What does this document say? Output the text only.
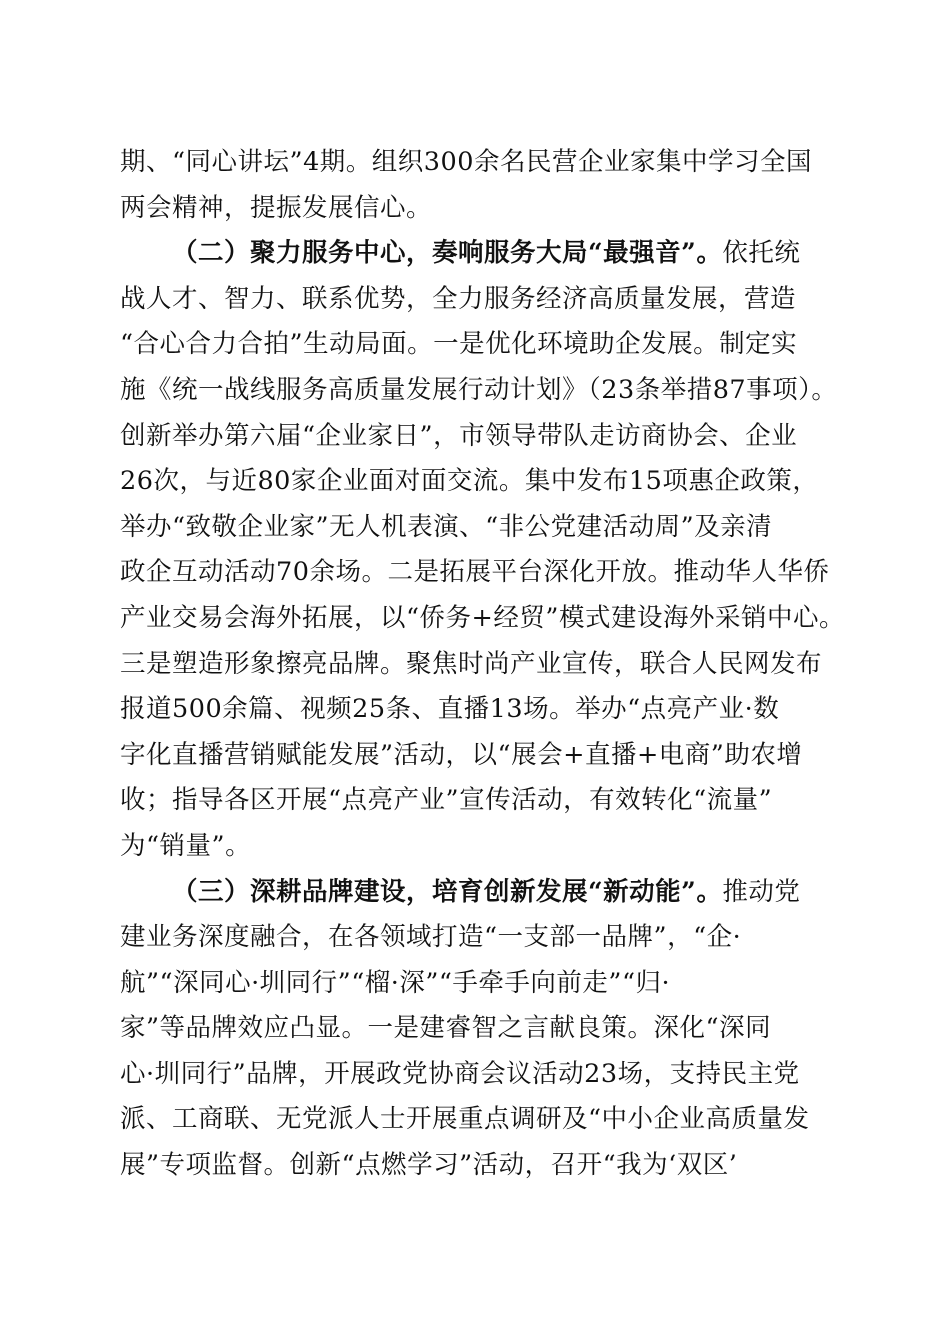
期、“同心讲坛”4期。组织300余名民营企业家集中学习全国
两会精神，提振发展信心。
（二）聚力服务中心，奏响服务大局“最强音”。依托统
战人才、智力、联系优势，全力服务经济高质量发展，营造
“合心合力合拍”生动局面。一是优化环境助企发展。制定实
施《统一战线服务高质量发展行动计划》（23条举措87事项）。
创新举办第六届“企业家日”，市领导带队走访商协会、企业
26次，与近80家企业面对面交流。集中发布15项惠企政策，
举办“致敬企业家”无人机表演、“非公党建活动周”及亲清
政企互动活动70余场。二是拓展平台深化开放。推动华人华侨
产业交易会海外拓展，以“侨务+经贸”模式建设海外采销中心。
三是塑造形象擦亮品牌。聚焦时尚产业宣传，联合人民网发布
报道500余篇、视频25条、直播13场。举办“点亮产业·数
字化直播营销赋能发展”活动，以“展会+直播+电商”助农增
收；指导各区开展“点亮产业”宣传活动，有效转化“流量”
为“销量”。
（三）深耕品牌建设，培育创新发展“新动能”。推动党
建业务深度融合，在各领域打造“一支部一品牌”，“企·
航”“深同心·圳同行”“榴·深”“手牵手向前走”“归·
家”等品牌效应凸显。一是建睿智之言献良策。深化“深同
心·圳同行”品牌，开展政党协商会议活动23场，支持民主党
派、工商联、无党派人士开展重点调研及“中小企业高质量发
展”专项监督。创新“点燃学习”活动，召开“我为‘双区’
